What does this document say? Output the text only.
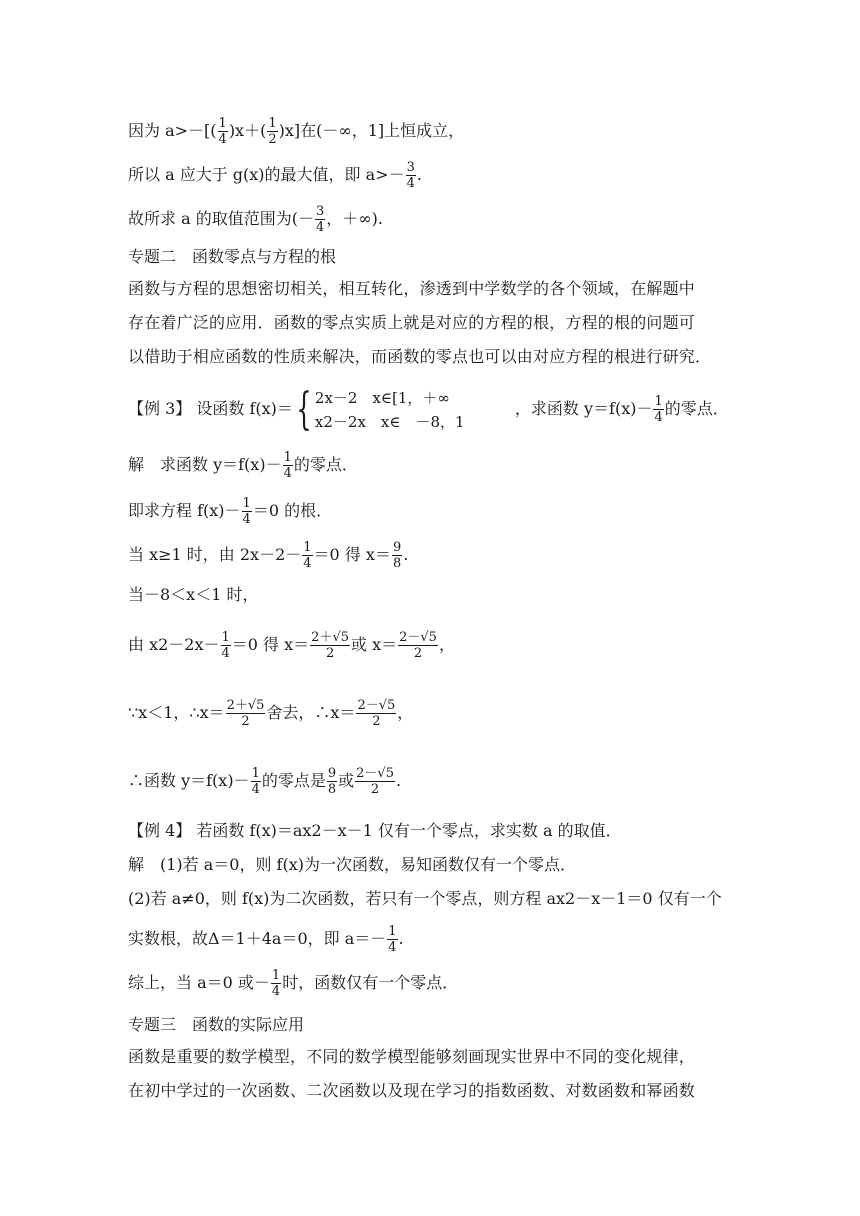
因为 $a>-[( \frac{1}{4} )x+( \frac{1}{2} )x]$在(－∞，1]上恒成立，
所以 a 应大于 g(x)的最大值，即 $a>- \frac{3}{4}$ .
故所求 a 的取值范围为(－ $\frac{3}{4}$ ，＋∞).
专题二　函数零点与方程的根
函数与方程的思想密切相关，相互转化，渗透到中学数学的各个领域，在解题中
存在着广泛的应用．函数的零点实质上就是对应的方程的根，方程的根的问题可
以借助于相应函数的性质来解决，而函数的零点也可以由对应方程的根进行研究．
【例 3】 设函数 f(x)＝{ 2x－2　x∈[1，＋∞
x2－2x　x∈　－8，1
，求函数 $y=f(x)- \frac{1}{4}$ 的零点．
解　求函数 $y=f(x)- \frac{1}{4}$ 的零点．
即求方程 $f(x)- \frac{1}{4} =0$ 的根．
当 x≥1 时，由 $2x-2- \frac{1}{4} =0$ 得 $x= \frac{9}{8}$ .
当－8＜x＜1 时，
由 $x2-2x- \frac{1}{4} =0$ 得 $x= \frac{2+√5}{2}$ 或 $x= \frac{2-√5}{2}$ ，
∵x＜1，∴x＝ $\frac{2+√5}{2}$ 舍去，∴x＝ $\frac{2-√5}{2}$ ，
∴函数 $y=f(x)- \frac{1}{4}$ 的零点是 $\frac{9}{8}$ 或 $\frac{2-√5}{2}$ .
【例 4】 若函数 f(x)＝ax2－x－1 仅有一个零点，求实数 a 的取值．
解　(1)若 a＝0，则 f(x)为一次函数，易知函数仅有一个零点．
(2)若 a≠0，则 f(x)为二次函数，若只有一个零点，则方程 ax2－x－1＝0 仅有一个
实数根，故Δ＝1＋4a＝0，即 $a=- \frac{1}{4}$ .
综上，当 a＝0 或－ $\frac{1}{4}$ 时，函数仅有一个零点．
专题三　函数的实际应用
函数是重要的数学模型，不同的数学模型能够刻画现实世界中不同的变化规律，
在初中学过的一次函数、二次函数以及现在学习的指数函数、对数函数和幂函数
